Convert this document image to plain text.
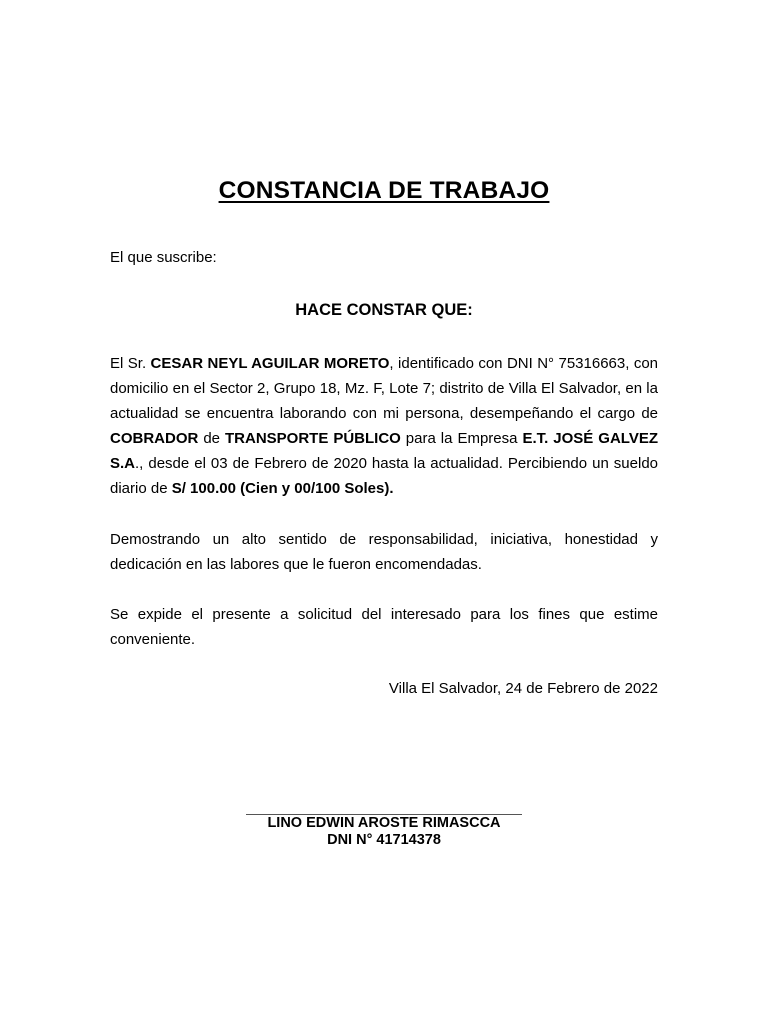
CONSTANCIA DE TRABAJO
El que suscribe:
HACE CONSTAR QUE:
El Sr. CESAR NEYL AGUILAR MORETO, identificado con DNI N° 75316663, con domicilio en el Sector 2, Grupo 18, Mz. F, Lote 7; distrito de Villa El Salvador, en la actualidad se encuentra laborando con mi persona, desempeñando el cargo de COBRADOR de TRANSPORTE PÚBLICO para la Empresa E.T. JOSÉ GALVEZ S.A., desde el 03 de Febrero de 2020 hasta la actualidad. Percibiendo un sueldo diario de S/ 100.00 (Cien y 00/100 Soles).
Demostrando un alto sentido de responsabilidad, iniciativa, honestidad y dedicación en las labores que le fueron encomendadas.
Se expide el presente a solicitud del interesado para los fines que estime conveniente.
Villa El Salvador, 24 de Febrero de 2022
LINO EDWIN AROSTE RIMASCCA
DNI N° 41714378
